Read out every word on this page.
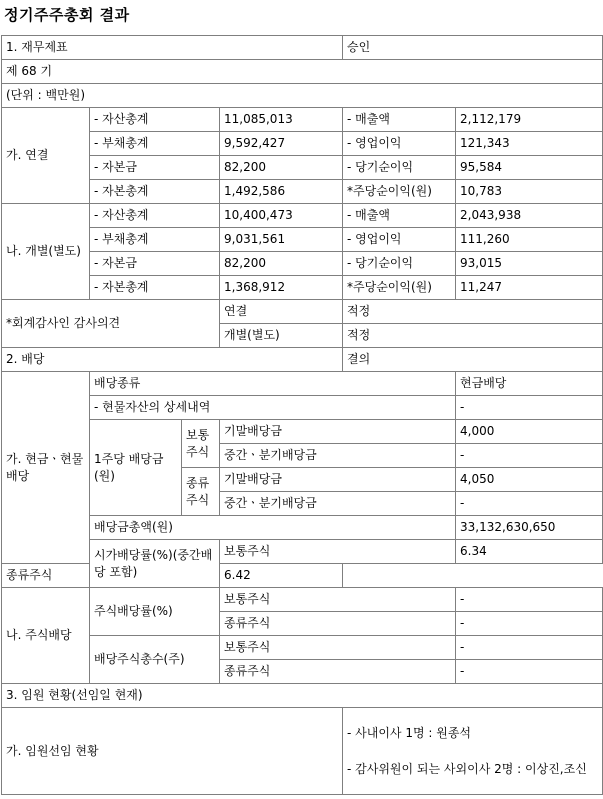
정기주주총회 결과
1. 재무제표				승인	
제 68 기					
(단위 : 백만원)					
가. 연결	- 자산총계		11,085,013	- 매출액	2,112,179
	- 부채총계		9,592,427	- 영업이익	121,343
	- 자본금		82,200	- 당기순이익	95,584
	- 자본총계		1,492,586	*주당순이익(원)	10,783
나. 개별(별도)	- 자산총계		10,400,473	- 매출액	2,043,938
	- 부채총계		9,031,561	- 영업이익	111,260
	- 자본금		82,200	- 당기순이익	93,015
	- 자본총계		1,368,912	*주당순이익(원)	11,247
*회계감사인 감사의견			연결	적정	
			개별(별도)	적정	
2. 배당				결의	
가. 현금ㆍ현물배당	배당종류				현금배당
	- 현물자산의 상세내역				-
	1주당 배당금(원)	보통주식	기말배당금		4,000
			중간ㆍ분기배당금		-
		종류주식	기말배당금		4,050
			중간ㆍ분기배당금		-
	배당금총액(원)				33,132,630,650
	시가배당률(%)(중간배당 포함)		보통주식		6.34
종류주식			6.42		
나. 주식배당	주식배당률(%)		보통주식		-
			종류주식		-
	배당주식총수(주)		보통주식		-
			종류주식		-
3. 임원 현황(선임일 현재)					
가. 임원선임 현황				- 사내이사 1명 : 원종석
- 감사위원이 되는 사외이사 2명 : 이상진,조신	
